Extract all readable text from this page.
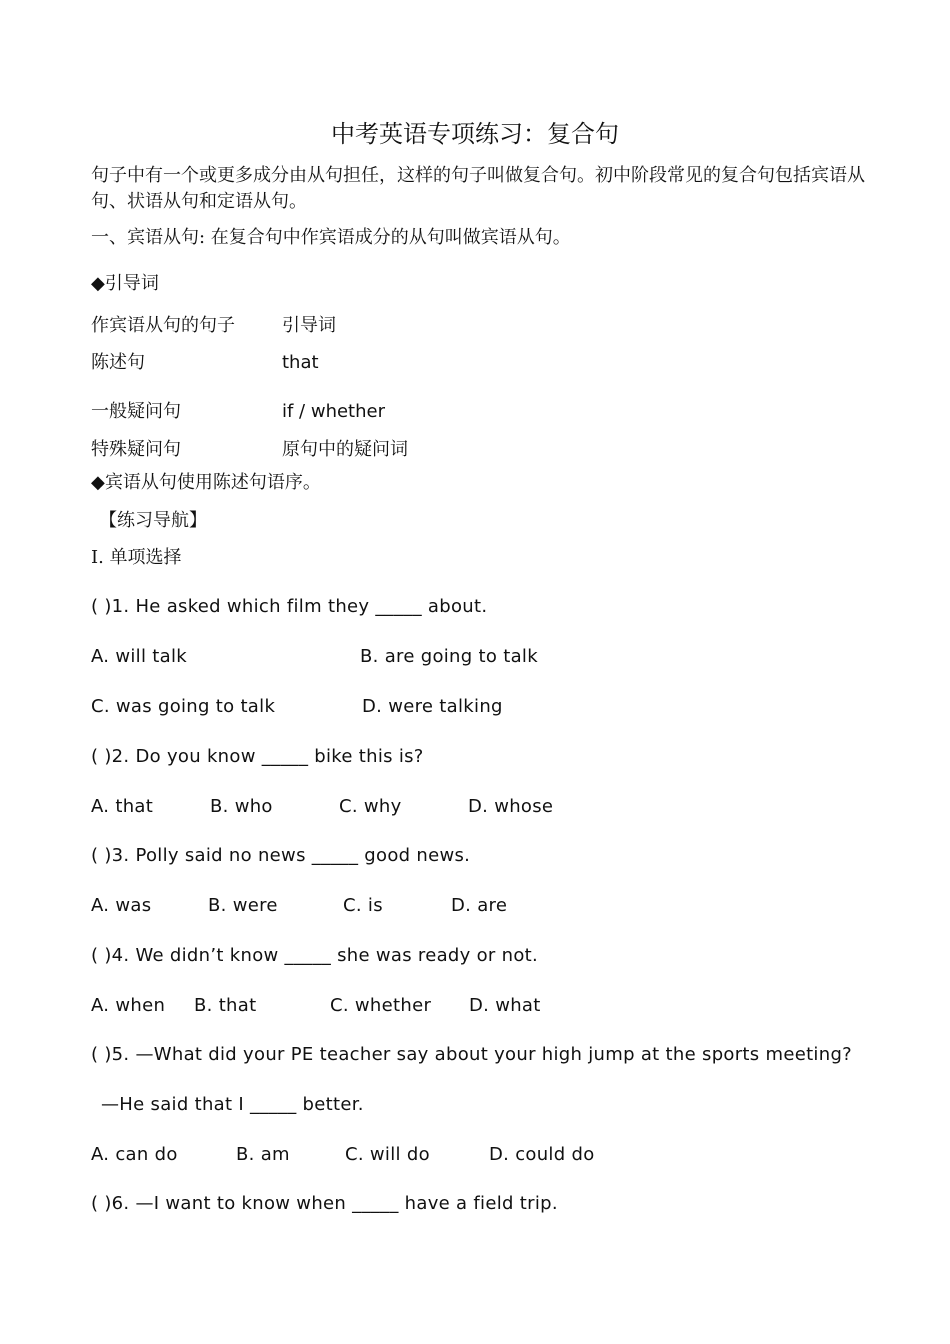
中考英语专项练习：复合句
句子中有一个或更多成分由从句担任，这样的句子叫做复合句。初中阶段常见的复合句包括宾语从句、状语从句和定语从句。
一、宾语从句: 在复合句中作宾语成分的从句叫做宾语从句。
◆引导词
作宾语从句的句子	引导词
陈述句	that
一般疑问句	if / whether
特殊疑问句	原句中的疑问词
◆宾语从句使用陈述句语序。
【练习导航】
Ⅰ. 单项选择
( )1. He asked which film they _____ about.
A. will talk	B. are going to talk
C. was going to talk	D. were talking
( )2. Do you know _____ bike this is?
A. that	B. who	C. why	D. whose
( )3. Polly said no news _____ good news.
A. was	B. were	C. is	D. are
( )4. We didn’t know _____ she was ready or not.
A. when B. that	C. whether D. what
( )5. —What did your PE teacher say about your high jump at the sports meeting?
—He said that I _____ better.
A. can do	B. am	C. will do	D. could do
( )6. —I want to know when _____ have a field trip.
